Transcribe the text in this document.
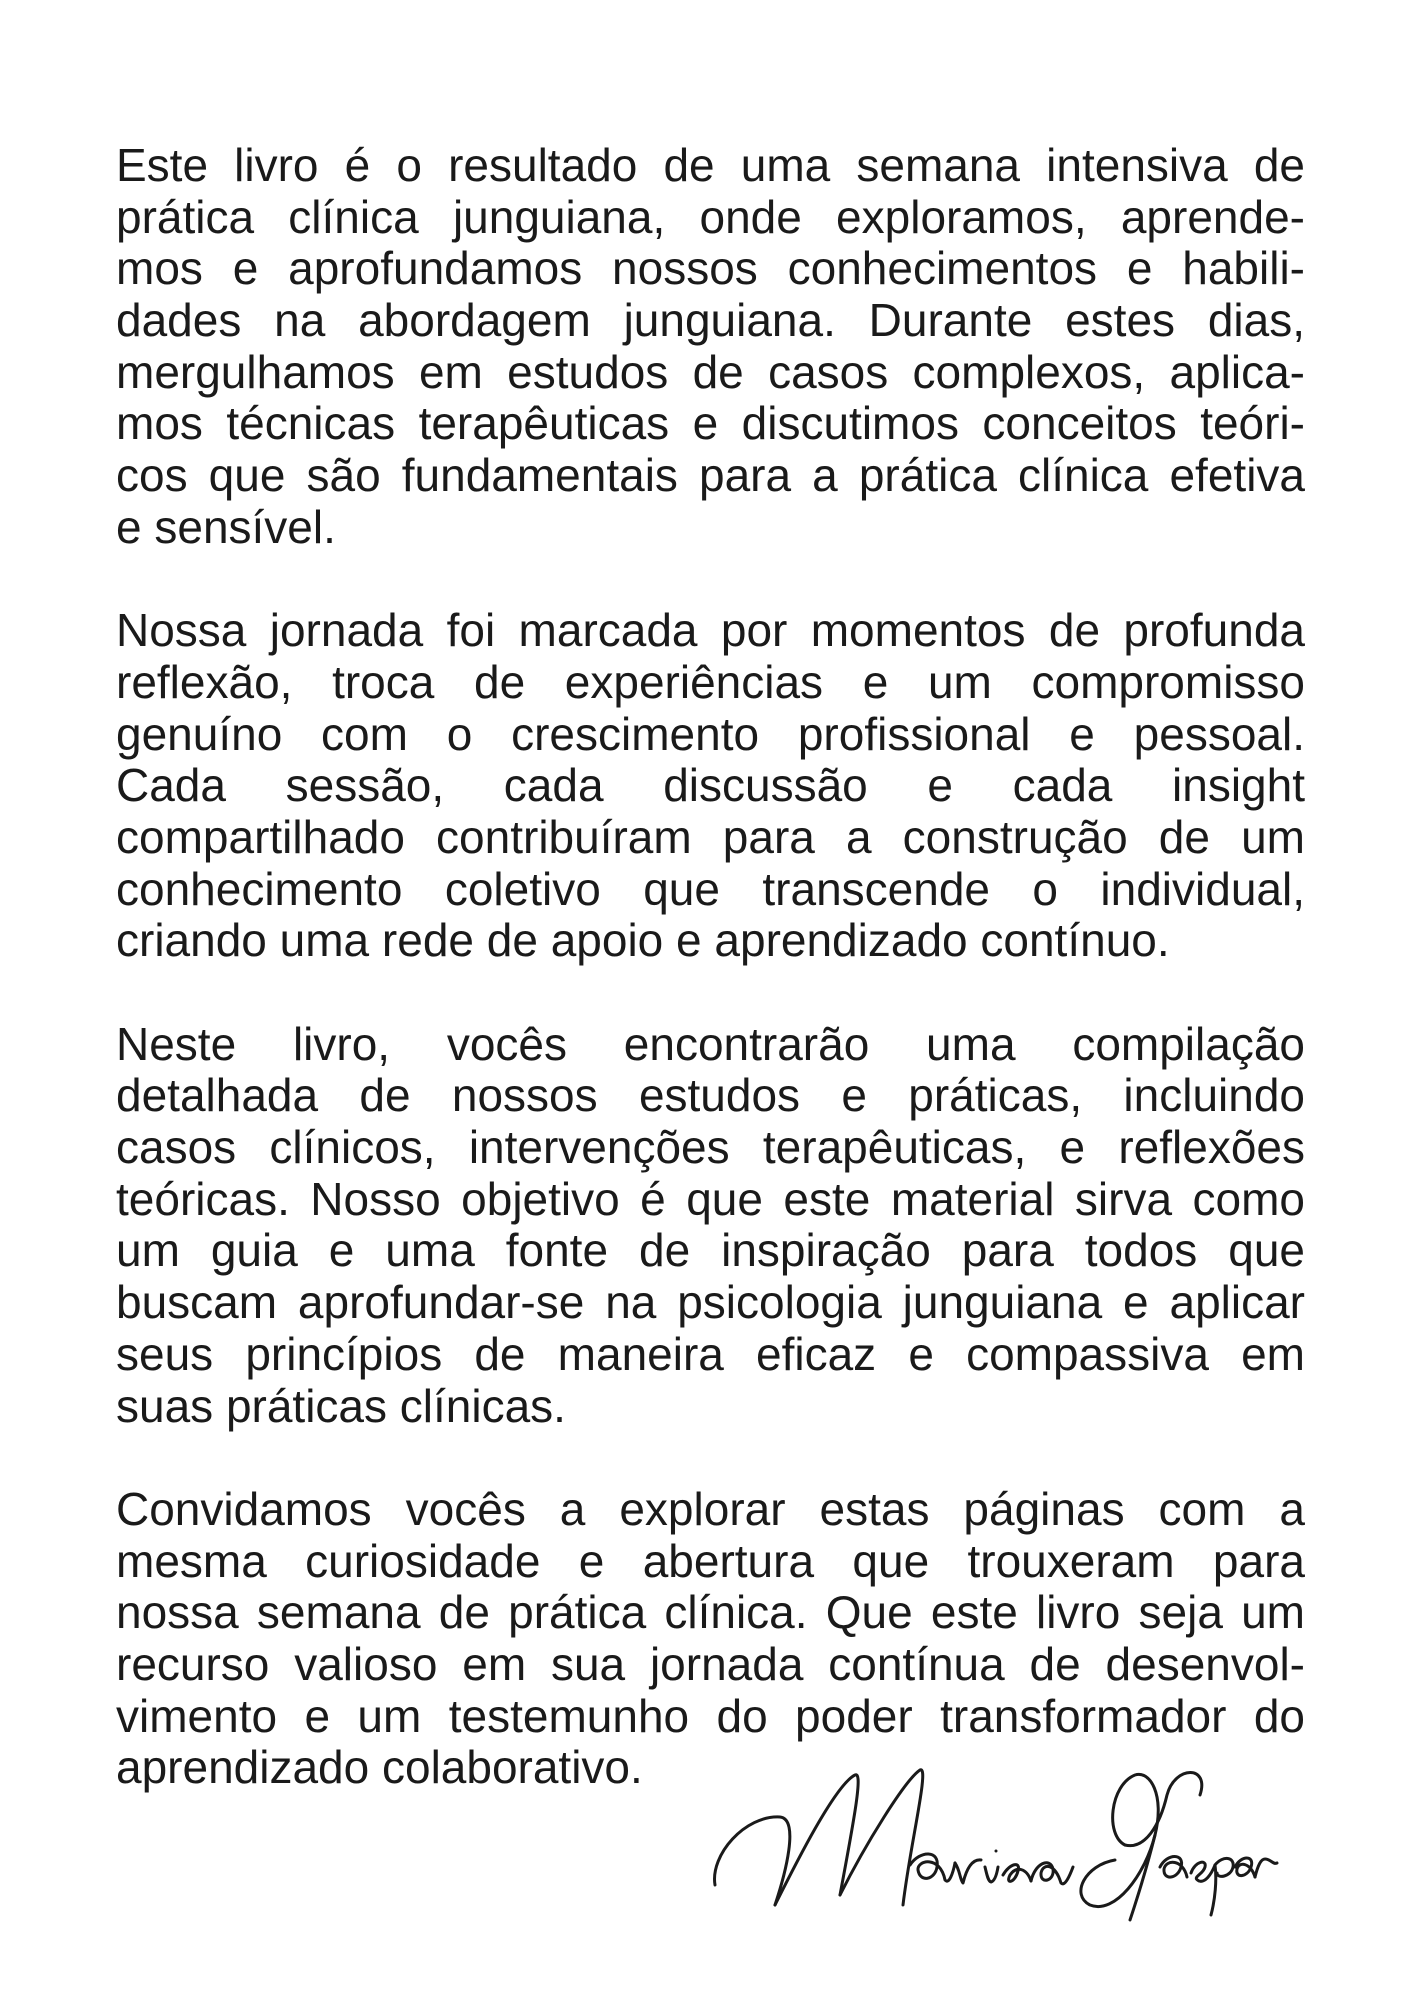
Este livro é o resultado de uma semana intensiva de
prática clínica junguiana, onde exploramos, aprende-
mos e aprofundamos nossos conhecimentos e habili-
dades na abordagem junguiana. Durante estes dias,
mergulhamos em estudos de casos complexos, aplica-
mos técnicas terapêuticas e discutimos conceitos teóri-
cos que são fundamentais para a prática clínica efetiva
e sensível.
Nossa jornada foi marcada por momentos de profunda
reflexão, troca de experiências e um compromisso
genuíno com o crescimento profissional e pessoal.
Cada sessão, cada discussão e cada insight
compartilhado contribuíram para a construção de um
conhecimento coletivo que transcende o individual,
criando uma rede de apoio e aprendizado contínuo.
Neste livro, vocês encontrarão uma compilação
detalhada de nossos estudos e práticas, incluindo
casos clínicos, intervenções terapêuticas, e reflexões
teóricas. Nosso objetivo é que este material sirva como
um guia e uma fonte de inspiração para todos que
buscam aprofundar-se na psicologia junguiana e aplicar
seus princípios de maneira eficaz e compassiva em
suas práticas clínicas.
Convidamos vocês a explorar estas páginas com a
mesma curiosidade e abertura que trouxeram para
nossa semana de prática clínica. Que este livro seja um
recurso valioso em sua jornada contínua de desenvol-
vimento e um testemunho do poder transformador do
aprendizado colaborativo.
